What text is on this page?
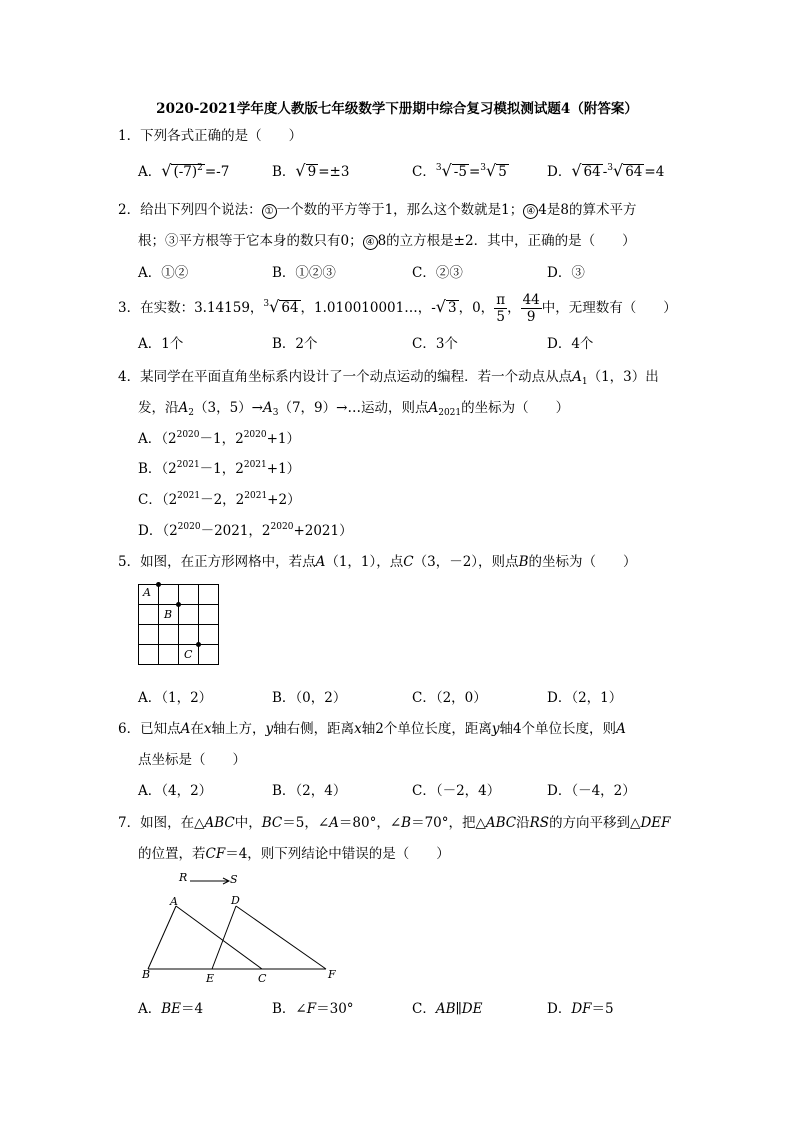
2020-2021学年度人教版七年级数学下册期中综合复习模拟测试题4（附答案）
1．下列各式正确的是（　　）
A．√ $(-7)^2 =-7$	B．√ 9 =±3	C．$^3$√ -5 =$^3$√ 5	D．√ 64 -$^3$√ 64 =4
2．给出下列四个说法： ① 一个数的平方等于1，那么这个数就是1； ④ 4是8的算术平方
根；③平方根等于它本身的数只有0； ④ 8的立方根是±2．其中，正确的是（　　）
A．①②	B．①②③	C．②③	D．③
3．在实数：3.14159，$^3$√ 64 ，1.010010001…，-√ 3 ，0， $\frac{\pi}{5}$ ， $\frac{44}{9}$ 中，无理数有（　　）
A．1个	B．2个	C．3个	D．4个
4．某同学在平面直角坐标系内设计了一个动点运动的编程．若一个动点从点$A_1(1$，3）出
发，沿$A_2(3$，$5)\to A_3(7$，9）→…运动，则点$A_{2021}$的坐标为（　　）
A．（$2^{2020}-1$，$2^{2020}+1$）
B．（$2^{2021}-1$，$2^{2021}+1$）
C．（$2^{2021}-2$，$2^{2021}+2$）
D．（$2^{2020}-2021$，$2^{2020}+2021$）
5．如图，在正方形网格中，若点A（1，1），点C（3，－2），则点B的坐标为（　　）
A
B
C
A．（1，2）	B．（0，2）	C．（2，0）	D．（2，1）
6．已知点A在x轴上方，y轴右侧，距离x轴2个单位长度，距离y轴4个单位长度，则A
点坐标是（　　）
A．（4，2）	B．（2，4）	C．（－2，4）	D．（－4，2）
7．如图，在△ABC中，BC＝5，∠A＝80°，∠B＝70°，把△ABC沿RS的方向平移到△DEF
的位置，若CF＝4，则下列结论中错误的是（　　）
R	S
A
B	C
D
E	F
A．BE＝4	B．∠F＝30°	C．AB∥DE	D．DF＝5
